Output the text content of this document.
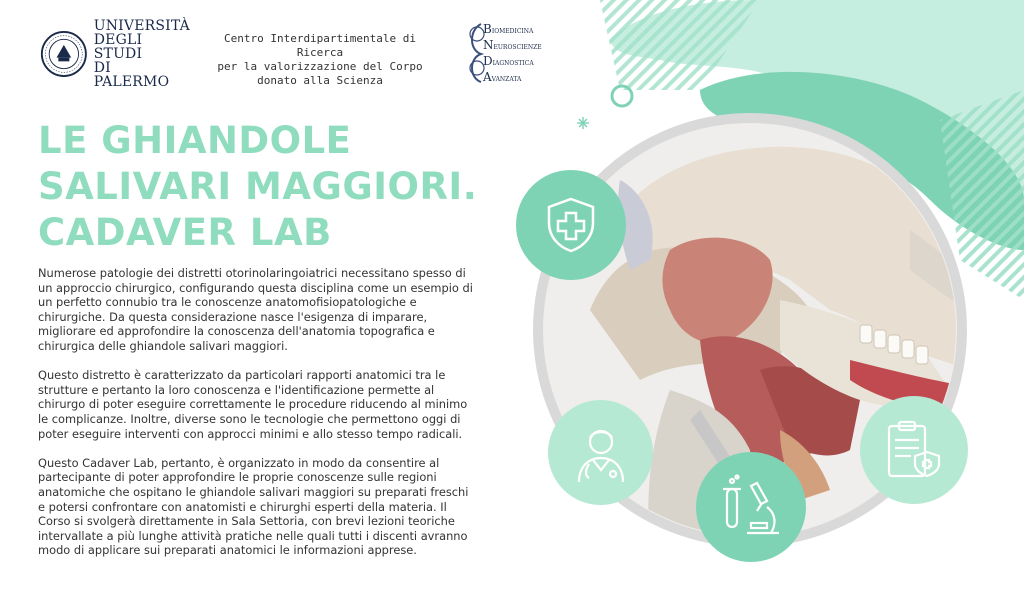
UNIVERSITÀ
DEGLI STUDI
DI PALERMO
Centro Interdipartimentale di Ricerca
per la valorizzazione del Corpo
donato alla Scienza
BIOMEDICINA
NEUROSCIENZE
DIAGNOSTICA
AVANZATA
LE GHIANDOLE
SALIVARI MAGGIORI.
CADAVER LAB

Numerose patologie dei distretti otorinolaringoiatrici necessitano spesso di un approccio chirurgico, configurando questa disciplina come un esempio di un perfetto connubio tra le conoscenze anatomofisiopatologiche e chirurgiche. Da questa considerazione nasce l'esigenza di imparare, migliorare ed approfondire la conoscenza dell'anatomia topografica e chirurgica delle ghiandole salivari maggiori.

Questo distretto è caratterizzato da particolari rapporti anatomici tra le strutture e pertanto la loro conoscenza e l'identificazione permette al chirurgo di poter eseguire correttamente le procedure riducendo al minimo le complicanze. Inoltre, diverse sono le tecnologie che permettono oggi di poter eseguire interventi con approcci minimi e allo stesso tempo radicali.

Questo Cadaver Lab, pertanto, è organizzato in modo da consentire al partecipante di poter approfondire le proprie conoscenze sulle regioni anatomiche che ospitano le ghiandole salivari maggiori su preparati freschi e potersi confrontare con anatomisti e chirurghi esperti della materia. Il Corso si svolgerà direttamente in Sala Settoria, con brevi lezioni teoriche intervallate a più lunghe attività pratiche nelle quali tutti i discenti avranno modo di applicare sui preparati anatomici le informazioni apprese.
